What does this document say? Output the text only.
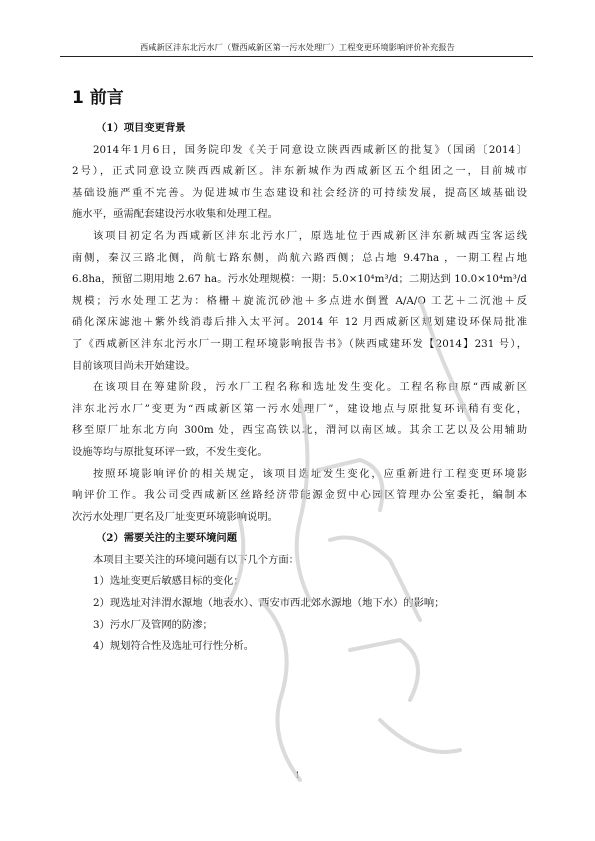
西咸新区沣东北污水厂（暨西咸新区第一污水处理厂）工程变更环境影响评价补充报告
1 前言
（1）项目变更背景
2014年1月6日，国务院印发《关于同意设立陕西西咸新区的批复》（国函〔2014〕
2号），正式同意设立陕西西咸新区。沣东新城作为西咸新区五个组团之一，目前城市
基础设施严重不完善。为促进城市生态建设和社会经济的可持续发展，提高区域基础设
施水平，亟需配套建设污水收集和处理工程。
该项目初定名为西咸新区沣东北污水厂，原选址位于西咸新区沣东新城西宝客运线
南侧，秦汉三路北侧，尚航七路东侧，尚航六路西侧；总占地 9.47ha ，一期工程占地
6.8ha，预留二期用地 2.67 ha。污水处理规模：一期：5.0×10⁴m³/d；二期达到 10.0×10⁴m³/d
规模；污水处理工艺为：格栅＋旋流沉砂池＋多点进水倒置 A/A/O 工艺＋二沉池＋反
硝化深床滤池＋紫外线消毒后排入太平河。2014 年 12 月西咸新区规划建设环保局批准
了《西咸新区沣东北污水厂一期工程环境影响报告书》（陕西咸建环发【2014】231 号），
目前该项目尚未开始建设。
在该项目在筹建阶段，污水厂工程名称和选址发生变化。工程名称由原“西咸新区
沣东北污水厂”变更为“西咸新区第一污水处理厂”，建设地点与原批复环评稍有变化，
移至原厂址东北方向 300m 处，西宝高铁以北，渭河以南区域。其余工艺以及公用辅助
设施等均与原批复环评一致，不发生变化。
按照环境影响评价的相关规定，该项目选址发生变化，应重新进行工程变更环境影
响评价工作。我公司受西咸新区丝路经济带能源金贸中心园区管理办公室委托，编制本
次污水处理厂更名及厂址变更环境影响说明。
（2）需要关注的主要环境问题
本项目主要关注的环境问题有以下几个方面：
1）选址变更后敏感目标的变化；
2）现选址对沣渭水源地（地表水）、西安市西北郊水源地（地下水）的影响；
3）污水厂及管网的防渗；
4）规划符合性及选址可行性分析。
1
